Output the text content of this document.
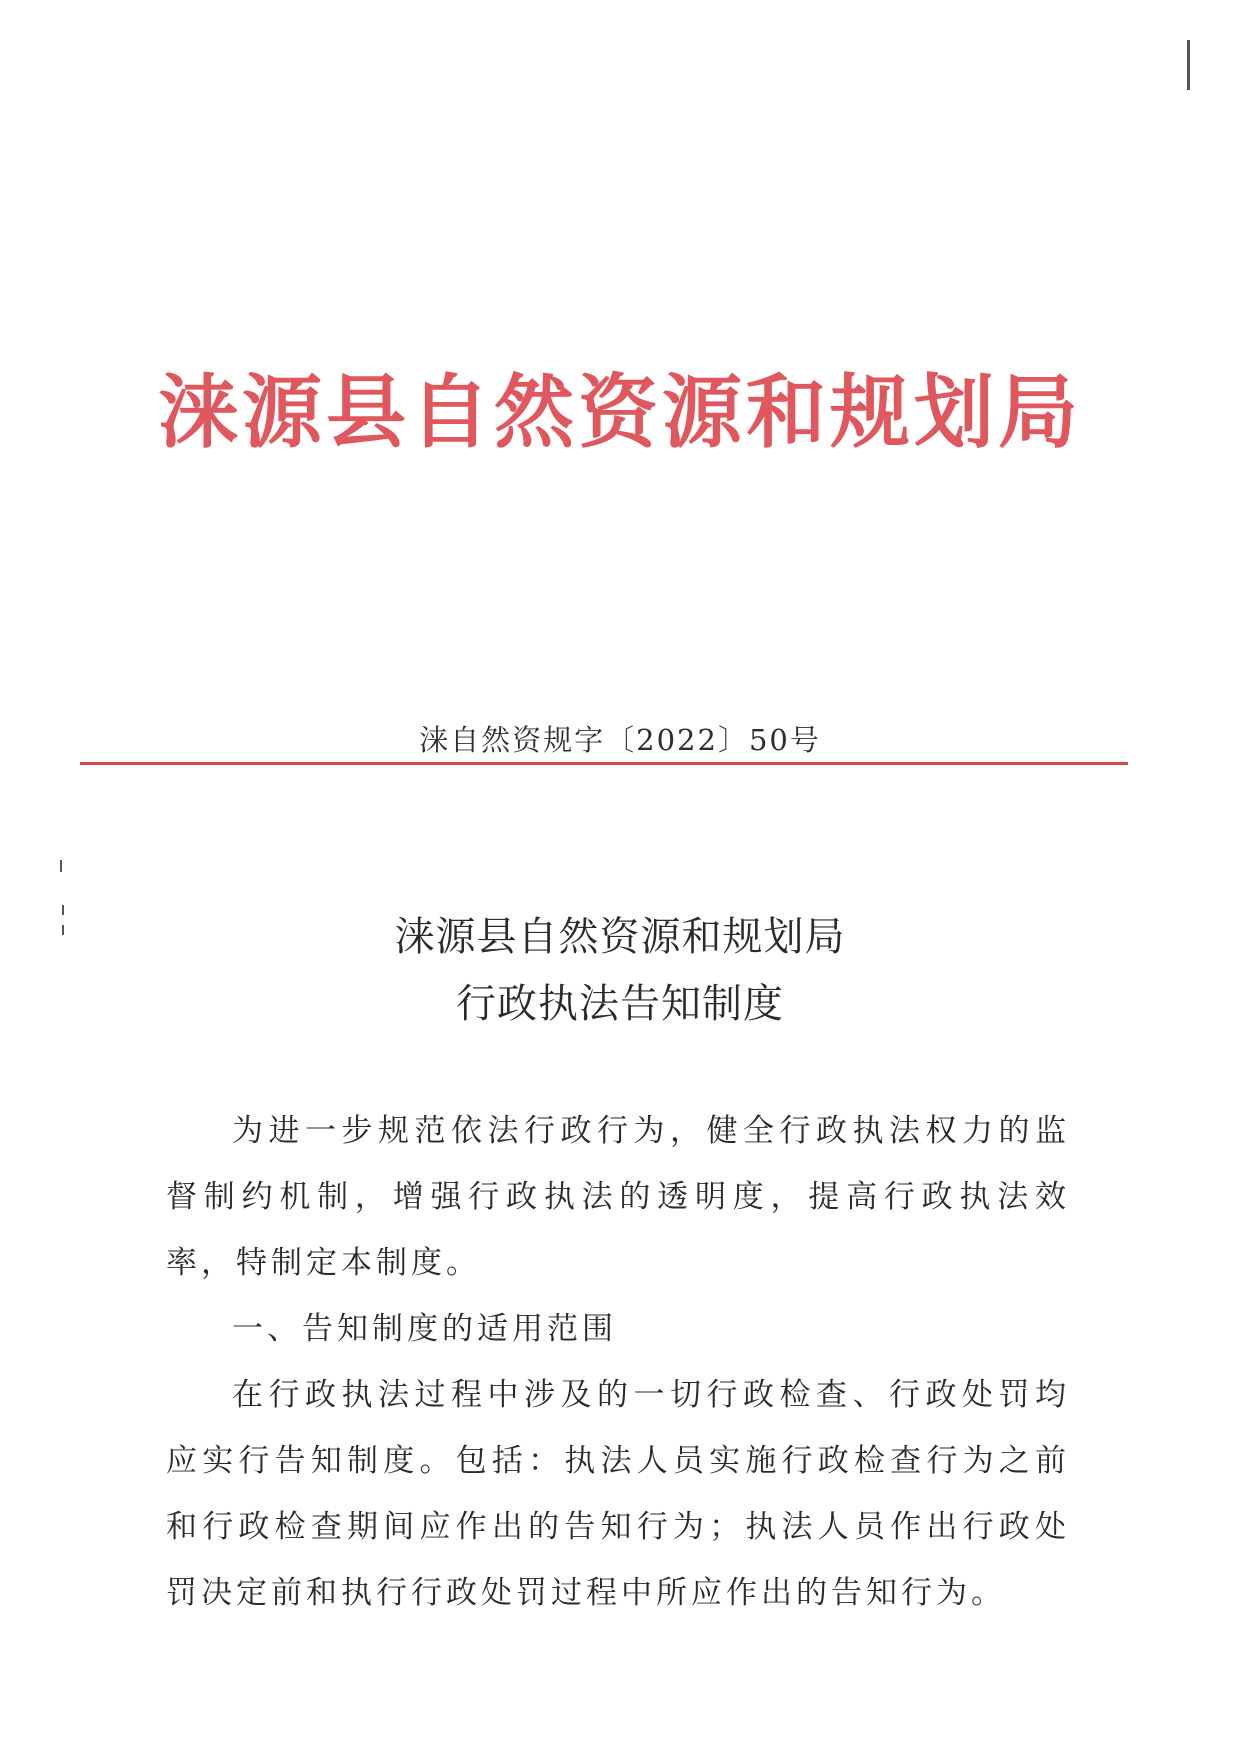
涞源县自然资源和规划局
涞自然资规字〔2022〕50号
涞源县自然资源和规划局
行政执法告知制度

为进一步规范依法行政行为，健全行政执法权力的监督制约机制，增强行政执法的透明度，提高行政执法效率，特制定本制度。

一、告知制度的适用范围

在行政执法过程中涉及的一切行政检查、行政处罚均应实行告知制度。包括：执法人员实施行政检查行为之前和行政检查期间应作出的告知行为；执法人员作出行政处罚决定前和执行行政处罚过程中所应作出的告知行为。
